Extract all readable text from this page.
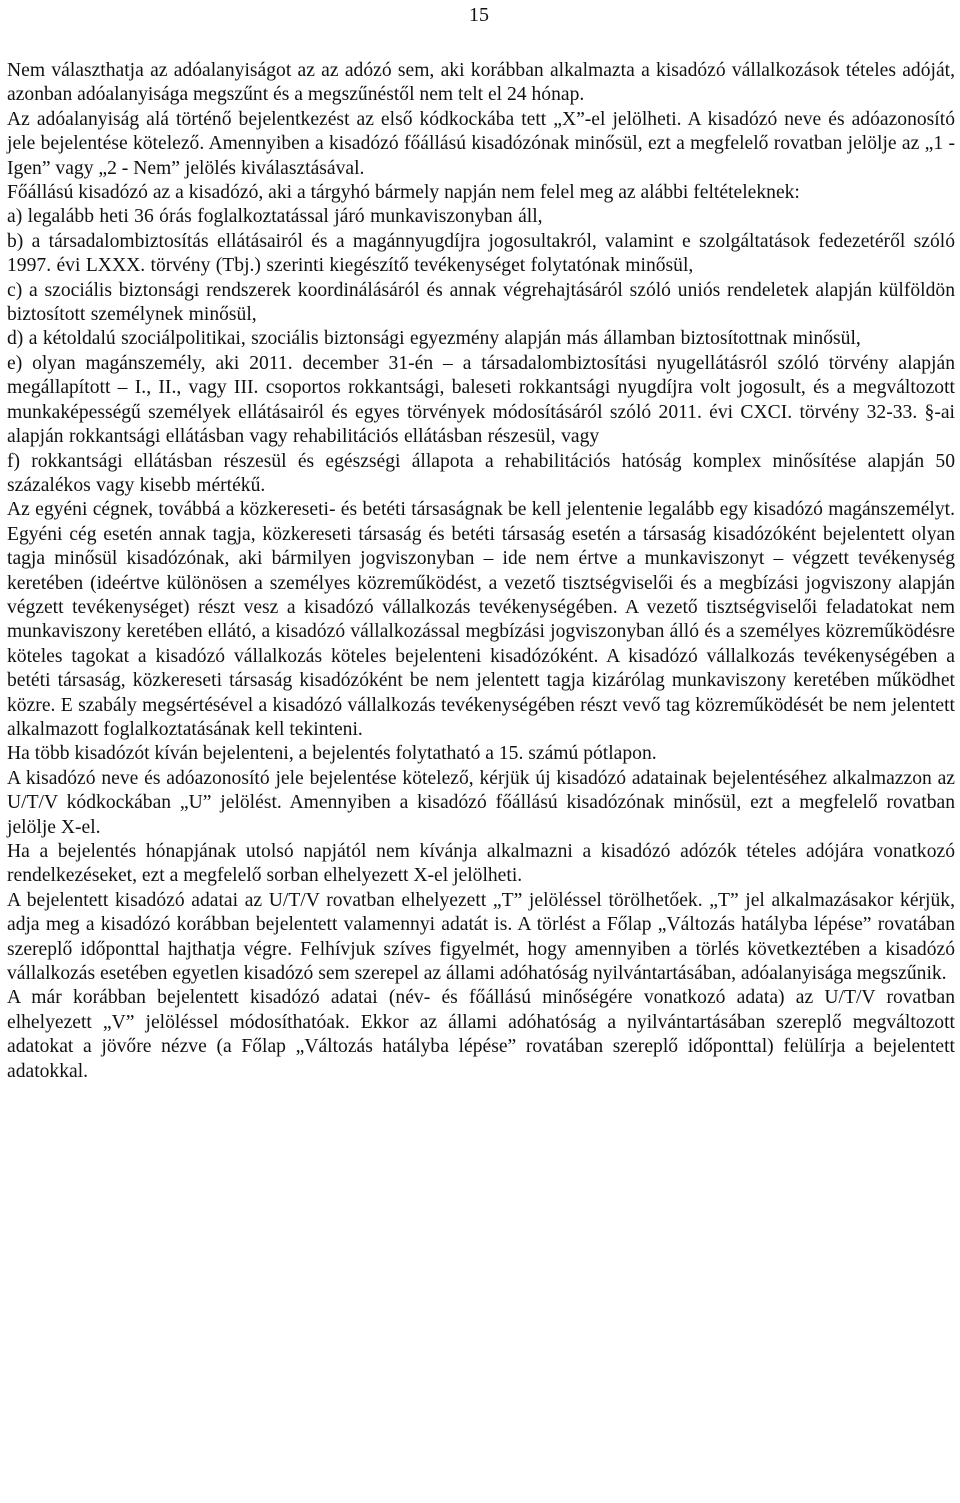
15

Nem választhatja az adóalanyiságot az az adózó sem, aki korábban alkalmazta a kisadózó vállalkozások tételes adóját, azonban adóalanyisága megszűnt és a megszűnéstől nem telt el 24 hónap.

Az adóalanyiság alá történő bejelentkezést az első kódkockába tett „X”-el jelölheti. A kisadózó neve és adóazonosító jele bejelentése kötelező. Amennyiben a kisadózó főállású kisadózónak minősül, ezt a megfelelő rovatban jelölje az „1 - Igen” vagy „2 - Nem” jelölés kiválasztásával.

Főállású kisadózó az a kisadózó, aki a tárgyhó bármely napján nem felel meg az alábbi feltételeknek:

a) legalább heti 36 órás foglalkoztatással járó munkaviszonyban áll,

b) a társadalombiztosítás ellátásairól és a magánnyugdíjra jogosultakról, valamint e szolgáltatások fedezetéről szóló 1997. évi LXXX. törvény (Tbj.) szerinti kiegészítő tevékenységet folytatónak minősül,

c) a szociális biztonsági rendszerek koordinálásáról és annak végrehajtásáról szóló uniós rendeletek alapján külföldön biztosított személynek minősül,

d) a kétoldalú szociálpolitikai, szociális biztonsági egyezmény alapján más államban biztosítottnak minősül,

e) olyan magánszemély, aki 2011. december 31-én – a társadalombiztosítási nyugellátásról szóló törvény alapján megállapított – I., II., vagy III. csoportos rokkantsági, baleseti rokkantsági nyugdíjra volt jogosult, és a megváltozott munkaképességű személyek ellátásairól és egyes törvények módosításáról szóló 2011. évi CXCI. törvény 32-33. §-ai alapján rokkantsági ellátásban vagy rehabilitációs ellátásban részesül, vagy

f) rokkantsági ellátásban részesül és egészségi állapota a rehabilitációs hatóság komplex minősítése alapján 50 százalékos vagy kisebb mértékű.

Az egyéni cégnek, továbbá a közkereseti- és betéti társaságnak be kell jelentenie legalább egy kisadózó magánszemélyt. Egyéni cég esetén annak tagja, közkereseti társaság és betéti társaság esetén a társaság kisadózóként bejelentett olyan tagja minősül kisadózónak, aki bármilyen jogviszonyban – ide nem értve a munkaviszonyt – végzett tevékenység keretében (ideértve különösen a személyes közreműködést, a vezető tisztségviselői és a megbízási jogviszony alapján végzett tevékenységet) részt vesz a kisadózó vállalkozás tevékenységében. A vezető tisztségviselői feladatokat nem munkaviszony keretében ellátó, a kisadózó vállalkozással megbízási jogviszonyban álló és a személyes közreműködésre köteles tagokat a kisadózó vállalkozás köteles bejelenteni kisadózóként. A kisadózó vállalkozás tevékenységében a betéti társaság, közkereseti társaság kisadózóként be nem jelentett tagja kizárólag munkaviszony keretében működhet közre. E szabály megsértésével a kisadózó vállalkozás tevékenységében részt vevő tag közreműködését be nem jelentett alkalmazott foglalkoztatásának kell tekinteni.

Ha több kisadózót kíván bejelenteni, a bejelentés folytatható a 15. számú pótlapon.

A kisadózó neve és adóazonosító jele bejelentése kötelező, kérjük új kisadózó adatainak bejelentéséhez alkalmazzon az U/T/V kódkockában „U” jelölést. Amennyiben a kisadózó főállású kisadózónak minősül, ezt a megfelelő rovatban jelölje X-el.

Ha a bejelentés hónapjának utolsó napjától nem kívánja alkalmazni a kisadózó adózók tételes adójára vonatkozó rendelkezéseket, ezt a megfelelő sorban elhelyezett X-el jelölheti.

A bejelentett kisadózó adatai az U/T/V rovatban elhelyezett „T” jelöléssel törölhetőek. „T” jel alkalmazásakor kérjük, adja meg a kisadózó korábban bejelentett valamennyi adatát is. A törlést a Főlap „Változás hatályba lépése” rovatában szereplő időponttal hajthatja végre. Felhívjuk szíves figyelmét, hogy amennyiben a törlés következtében a kisadózó vállalkozás esetében egyetlen kisadózó sem szerepel az állami adóhatóság nyilvántartásában, adóalanyisága megszűnik.

A már korábban bejelentett kisadózó adatai (név- és főállású minőségére vonatkozó adata) az U/T/V rovatban elhelyezett „V” jelöléssel módosíthatóak. Ekkor az állami adóhatóság a nyilvántartásában szereplő megváltozott adatokat a jövőre nézve (a Főlap „Változás hatályba lépése” rovatában szereplő időponttal) felülírja a bejelentett adatokkal.
